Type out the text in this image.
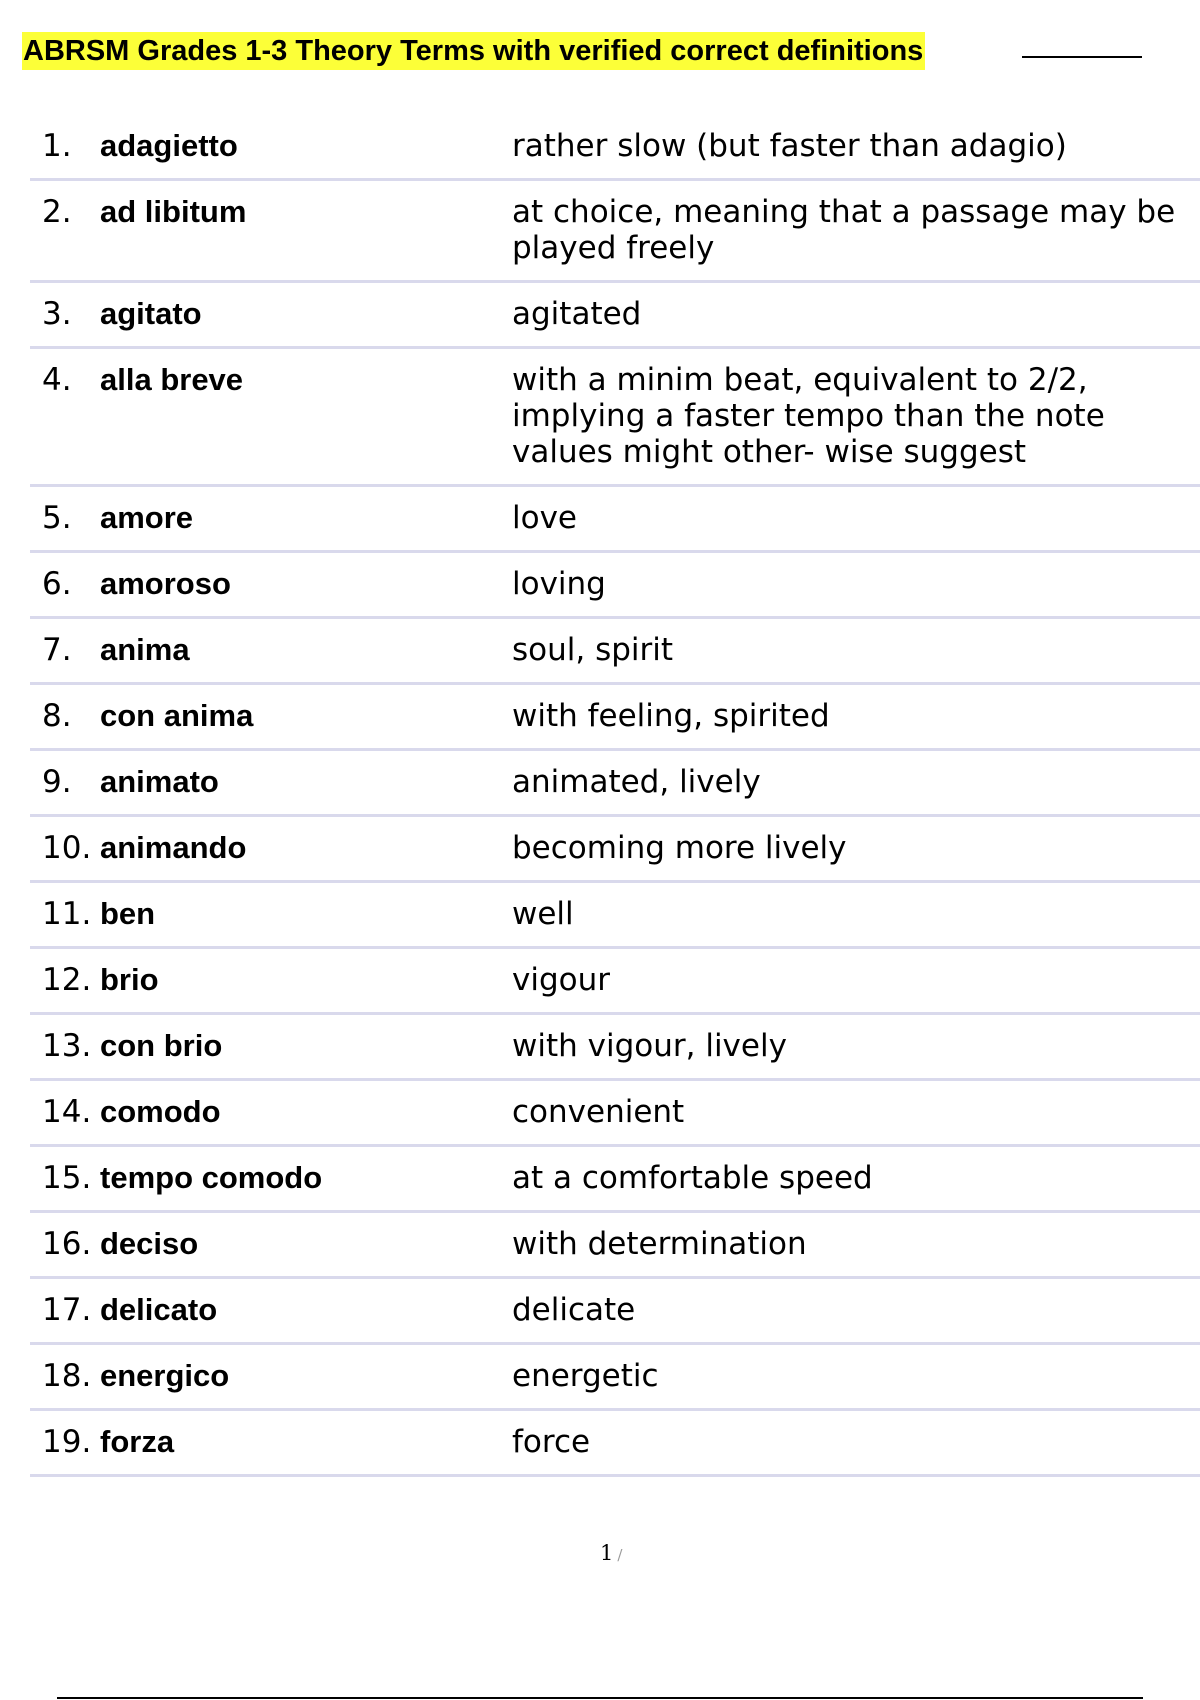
ABRSM Grades 1-3 Theory Terms with verified correct definitions
1.	adagietto	rather slow (but faster than adagio)
2.	ad libitum	at choice, meaning that a passage may be played freely
3.	agitato	agitated
4.	alla breve	with a minim beat, equivalent to 2/2, implying a faster tempo than the note values might other- wise suggest
5.	amore	love
6.	amoroso	loving
7.	anima	soul, spirit
8.	con anima	with feeling, spirited
9.	animato	animated, lively
10.	animando	becoming more lively
11.	ben	well
12.	brio	vigour
13.	con brio	with vigour, lively
14.	comodo	convenient
15.	tempo comodo	at a comfortable speed
16.	deciso	with determination
17.	delicato	delicate
18.	energico	energetic
19.	forza	force
1 /
